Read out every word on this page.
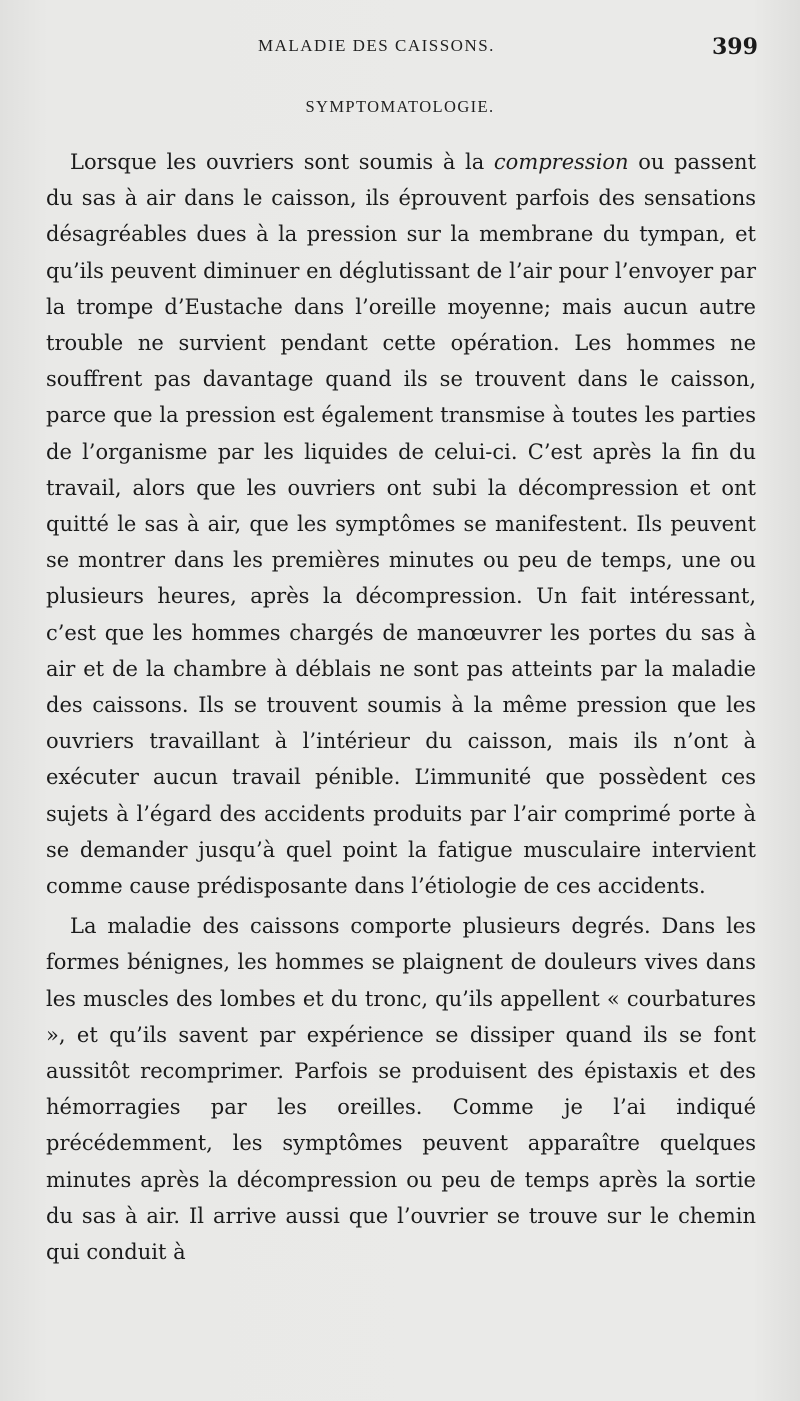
MALADIE DES CAISSONS.	399
SYMPTOMATOLOGIE.

Lorsque les ouvriers sont soumis à la compression ou passent du sas à air dans le caisson, ils éprouvent parfois des sensations désagréables dues à la pression sur la membrane du tympan, et qu’ils peuvent diminuer en déglutissant de l’air pour l’envoyer par la trompe d’Eustache dans l’oreille moyenne; mais aucun autre trouble ne survient pendant cette opération. Les hommes ne souffrent pas davantage quand ils se trouvent dans le caisson, parce que la pression est également transmise à toutes les parties de l’organisme par les liquides de celui-ci. C’est après la fin du travail, alors que les ouvriers ont subi la décompression et ont quitté le sas à air, que les symptômes se manifestent. Ils peuvent se montrer dans les premières minutes ou peu de temps, une ou plusieurs heures, après la décompression. Un fait intéressant, c’est que les hommes chargés de manœuvrer les portes du sas à air et de la chambre à déblais ne sont pas atteints par la maladie des caissons. Ils se trouvent soumis à la même pression que les ouvriers travaillant à l’intérieur du caisson, mais ils n’ont à exécuter aucun travail pénible. L’immunité que possèdent ces sujets à l’égard des accidents produits par l’air comprimé porte à se demander jusqu’à quel point la fatigue musculaire intervient comme cause prédisposante dans l’étiologie de ces accidents.

La maladie des caissons comporte plusieurs degrés. Dans les formes bénignes, les hommes se plaignent de douleurs vives dans les muscles des lombes et du tronc, qu’ils appellent « courbatures », et qu’ils savent par expérience se dissiper quand ils se font aussitôt recomprimer. Parfois se produisent des épistaxis et des hémorragies par les oreilles. Comme je l’ai indiqué précédemment, les symptômes peuvent apparaître quelques minutes après la décompression ou peu de temps après la sortie du sas à air. Il arrive aussi que l’ouvrier se trouve sur le chemin qui conduit à
